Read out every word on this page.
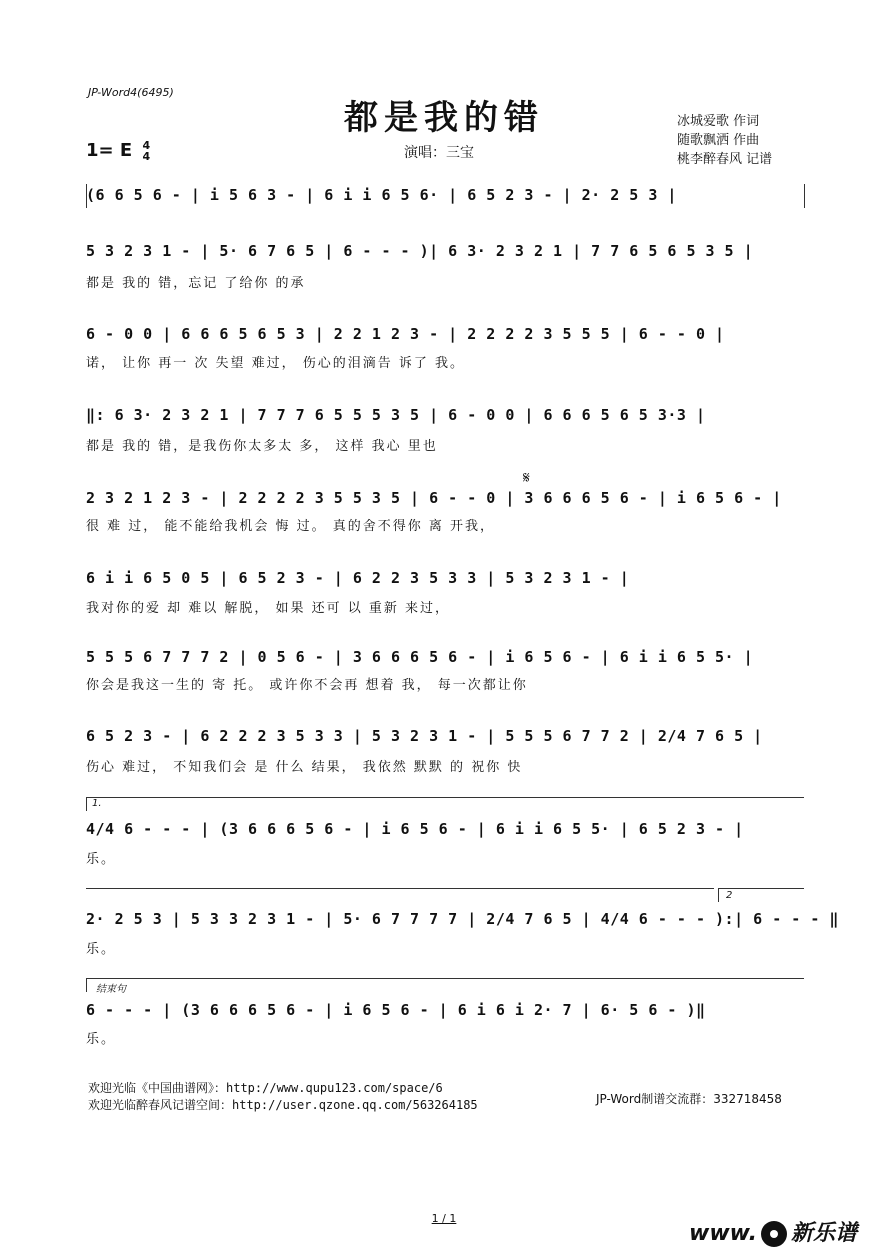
JP-Word4(6495)
都是我的错
1= E 4
4	演唱：三宝
冰城爱歌 作词
随歌飘洒 作曲
桃李醉春风 记谱
(6 6 5 6 - | i 5 6 3 - | 6 i i 6 5 6· | 6 5 2 3 - | 2· 2 5 3 |
5 3 2 3 1 - | 5· 6 7 6 5 | 6 - - - )| 6 3· 2 3 2 1 | 7 7 6 5 6 5 3 5 |
都是 我的 错，忘记 了给你 的承
6 - 0 0 | 6 6 6 5 6 5 3 | 2 2 1 2 3 - | 2 2 2 2 3 5 5 5 | 6 - - 0 |
诺， 让你 再一 次 失望 难过， 伤心的泪滴告 诉了 我。
‖: 6 3· 2 3 2 1 | 7 7 7 6 5 5 5 3 5 | 6 - 0 0 | 6 6 6 5 6 5 3·3 |
都是 我的 错，是我伤你太多太 多， 这样 我心 里也
𝄋
2 3 2 1 2 3 - | 2 2 2 2 3 5 5 3 5 | 6 - - 0 | 3 6 6 6 5 6 - | i 6 5 6 - |
很 难 过， 能不能给我机会 悔 过。 真的舍不得你 离 开我，
6 i i 6 5 0 5 | 6 5 2 3 - | 6 2 2 3 5 3 3 | 5 3 2 3 1 - |
我对你的爱 却 难以 解脱， 如果 还可 以 重新 来过，
5 5 5 6 7 7 7 2 | 0 5 6 - | 3 6 6 6 5 6 - | i 6 5 6 - | 6 i i 6 5 5· |
你会是我这一生的 寄 托。 或许你不会再 想着 我， 每一次都让你
6 5 2 3 - | 6 2 2 2 3 5 3 3 | 5 3 2 3 1 - | 5 5 5 6 7 7 2 | 2/4 7 6 5 |
伤心 难过， 不知我们会 是 什么 结果， 我依然 默默 的 祝你 快
1.
4/4 6 - - - | (3 6 6 6 5 6 - | i 6 5 6 - | 6 i i 6 5 5· | 6 5 2 3 - |
乐。
2
2· 2 5 3 | 5 3 3 2 3 1 - | 5· 6 7 7 7 7 | 2/4 7 6 5 | 4/4 6 - - - ):| 6 - - - ‖
乐。
结束句
6 - - - | (3 6 6 6 5 6 - | i 6 5 6 - | 6 i 6 i 2· 7 | 6· 5 6 - )‖
乐。
欢迎光临《中国曲谱网》：http://www.qupu123.com/space/6
欢迎光临醉春风记谱空间：http://user.qzone.qq.com/563264185	JP-Word制谱交流群：332718458
1 / 1
www. 新乐谱
